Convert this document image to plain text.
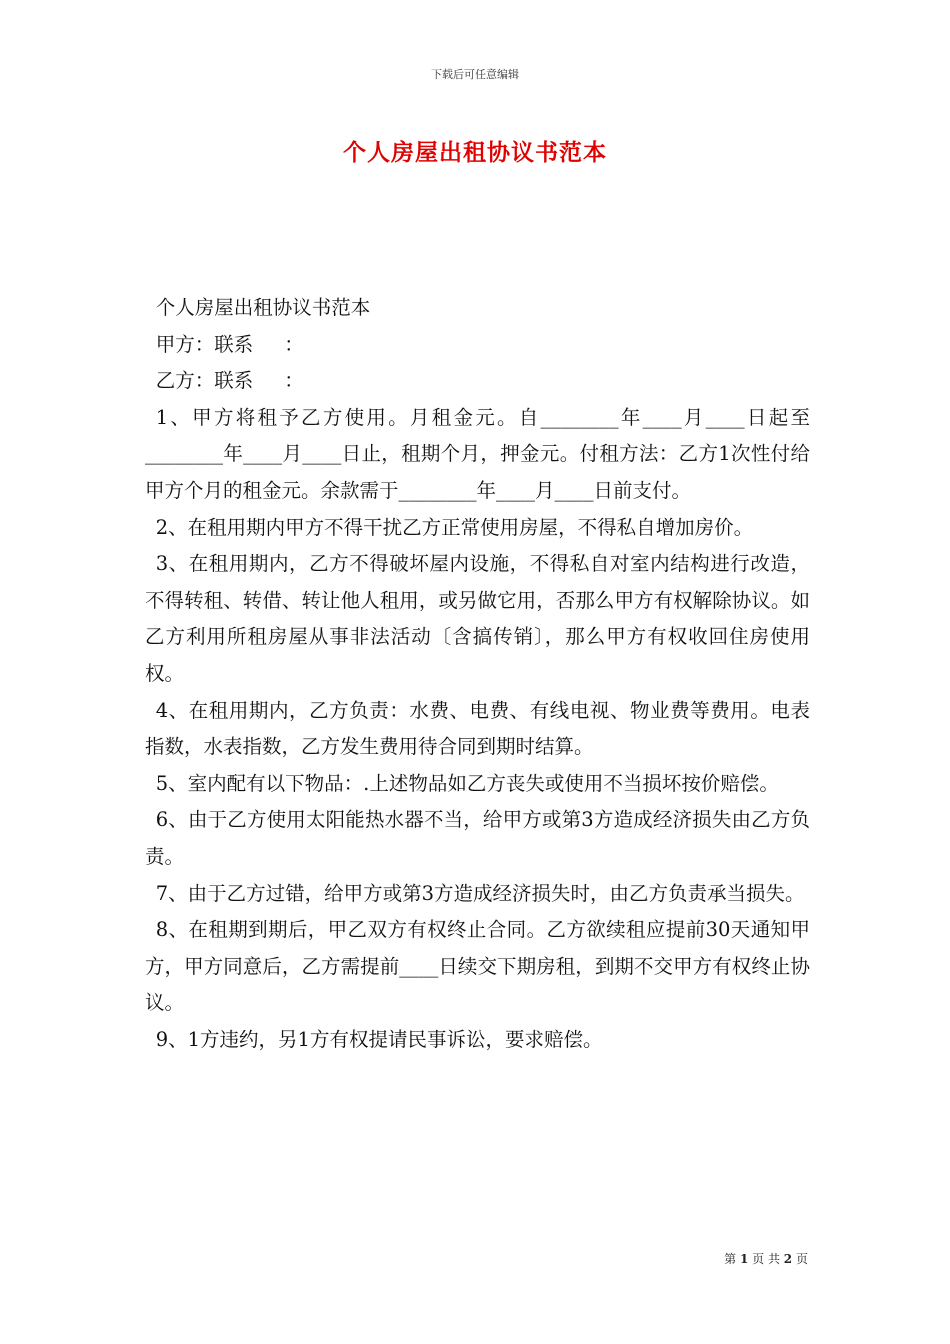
下载后可任意编辑
个人房屋出租协议书范本

个人房屋出租协议书范本

甲方：联系 ：

乙方：联系 ：

1、甲方将租予乙方使用。月租金元。自________年____月____日起至________年____月____日止，租期个月，押金元。付租方法：乙方1次性付给甲方个月的租金元。余款需于________年____月____日前支付。

2、在租用期内甲方不得干扰乙方正常使用房屋，不得私自增加房价。

3、在租用期内，乙方不得破坏屋内设施，不得私自对室内结构进行改造，不得转租、转借、转让他人租用，或另做它用，否那么甲方有权解除协议。如乙方利用所租房屋从事非法活动〔含搞传销〕，那么甲方有权收回住房使用权。

4、在租用期内，乙方负责：水费、电费、有线电视、物业费等费用。电表指数，水表指数，乙方发生费用待合同到期时结算。

5、室内配有以下物品：.上述物品如乙方丧失或使用不当损坏按价赔偿。

6、由于乙方使用太阳能热水器不当，给甲方或第3方造成经济损失由乙方负责。

7、由于乙方过错，给甲方或第3方造成经济损失时，由乙方负责承当损失。

8、在租期到期后，甲乙双方有权终止合同。乙方欲续租应提前30天通知甲方，甲方同意后，乙方需提前____日续交下期房租，到期不交甲方有权终止协议。

9、1方违约，另1方有权提请民事诉讼，要求赔偿。

第 1 页 共 2 页
